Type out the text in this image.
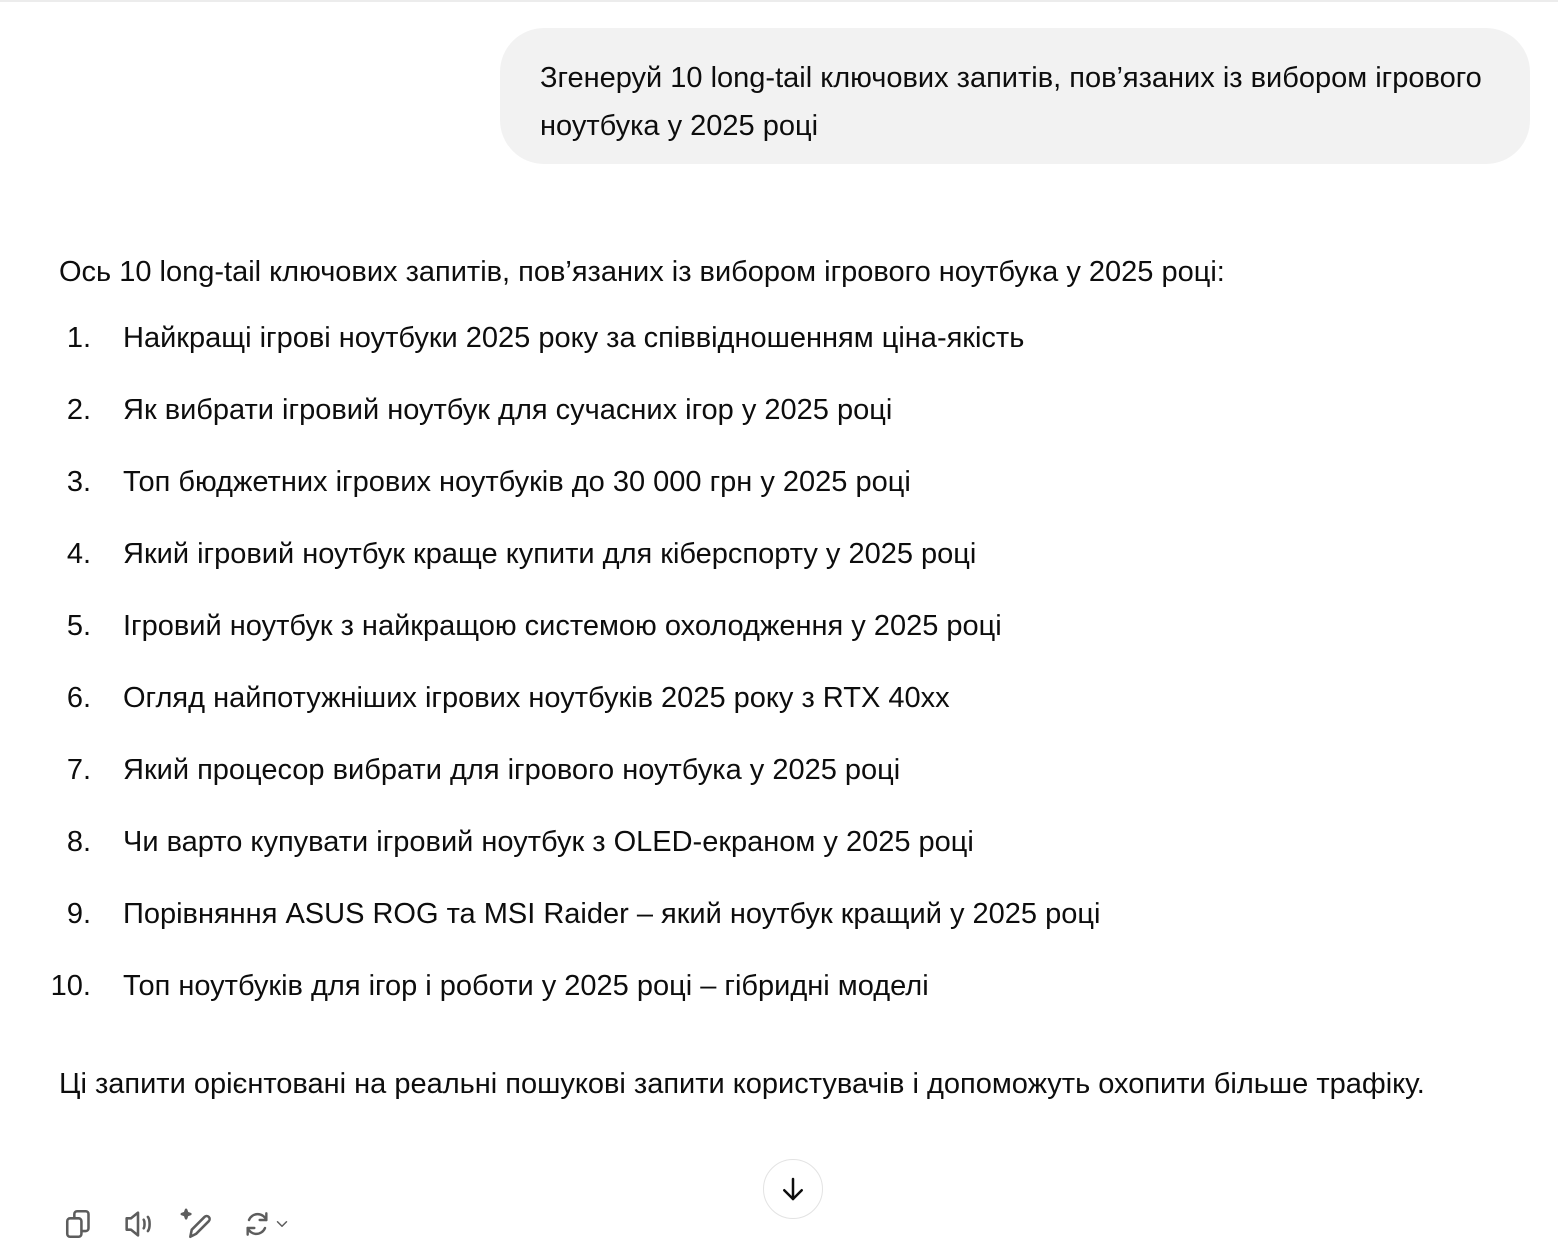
Згенеруй 10 long-tail ключових запитів, пов’язаних із вибором ігрового ноутбука у 2025 році

Ось 10 long-tail ключових запитів, пов’язаних із вибором ігрового ноутбука у 2025 році:

1. Найкращі ігрові ноутбуки 2025 року за співвідношенням ціна-якість
2. Як вибрати ігровий ноутбук для сучасних ігор у 2025 році
3. Топ бюджетних ігрових ноутбуків до 30 000 грн у 2025 році
4. Який ігровий ноутбук краще купити для кіберспорту у 2025 році
5. Ігровий ноутбук з найкращою системою охолодження у 2025 році
6. Огляд найпотужніших ігрових ноутбуків 2025 року з RTX 40xx
7. Який процесор вибрати для ігрового ноутбука у 2025 році
8. Чи варто купувати ігровий ноутбук з OLED-екраном у 2025 році
9. Порівняння ASUS ROG та MSI Raider – який ноутбук кращий у 2025 році
10. Топ ноутбуків для ігор і роботи у 2025 році – гібридні моделі

Ці запити орієнтовані на реальні пошукові запити користувачів і допоможуть охопити більше трафіку.
